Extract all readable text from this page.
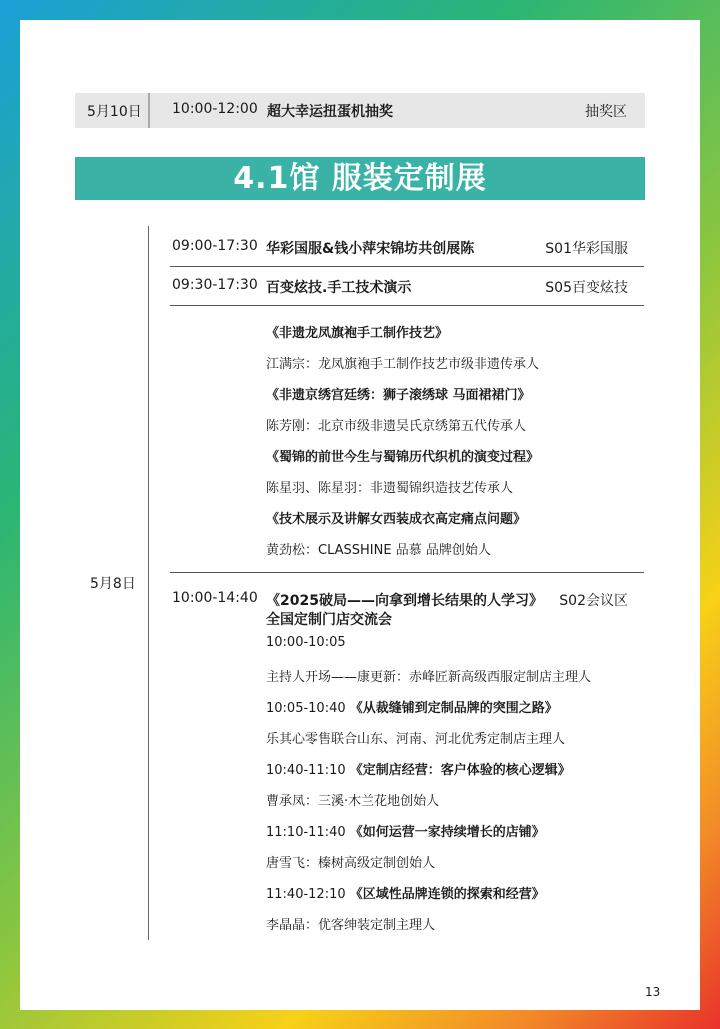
5月10日 10:00-12:00 超大幸运扭蛋机抽奖	抽奖区
4.1馆 服装定制展
5月8日
09:00-17:30 华彩国服&钱小萍宋锦坊共创展陈	S01华彩国服
09:30-17:30 百变炫技.手工技术演示	S05百变炫技
《非遗龙凤旗袍手工制作技艺》
江满宗：龙凤旗袍手工制作技艺市级非遗传承人
《非遗京绣宫廷绣：狮子滚绣球 马面裙裙门》
陈芳刚：北京市级非遗吴氏京绣第五代传承人
《蜀锦的前世今生与蜀锦历代织机的演变过程》
陈星羽、陈星羽：非遗蜀锦织造技艺传承人
《技术展示及讲解女西装成衣高定痛点问题》
黄劲松：CLASSHINE 品慕 品牌创始人
10:00-14:40 《2025破局——向拿到增长结果的人学习》 S02会议区
全国定制门店交流会
10:00-10:05
主持人开场——康更新：赤峰匠新高级西服定制店主理人
10:05-10:40 《从裁缝铺到定制品牌的突围之路》
乐其心零售联合山东、河南、河北优秀定制店主理人
10:40-11:10 《定制店经营：客户体验的核心逻辑》
曹承凤：三溪·木兰花地创始人
11:10-11:40 《如何运营一家持续增长的店铺》
唐雪飞：榛树高级定制创始人
11:40-12:10 《区域性品牌连锁的探索和经营》
李晶晶：优客绅装定制主理人
13
